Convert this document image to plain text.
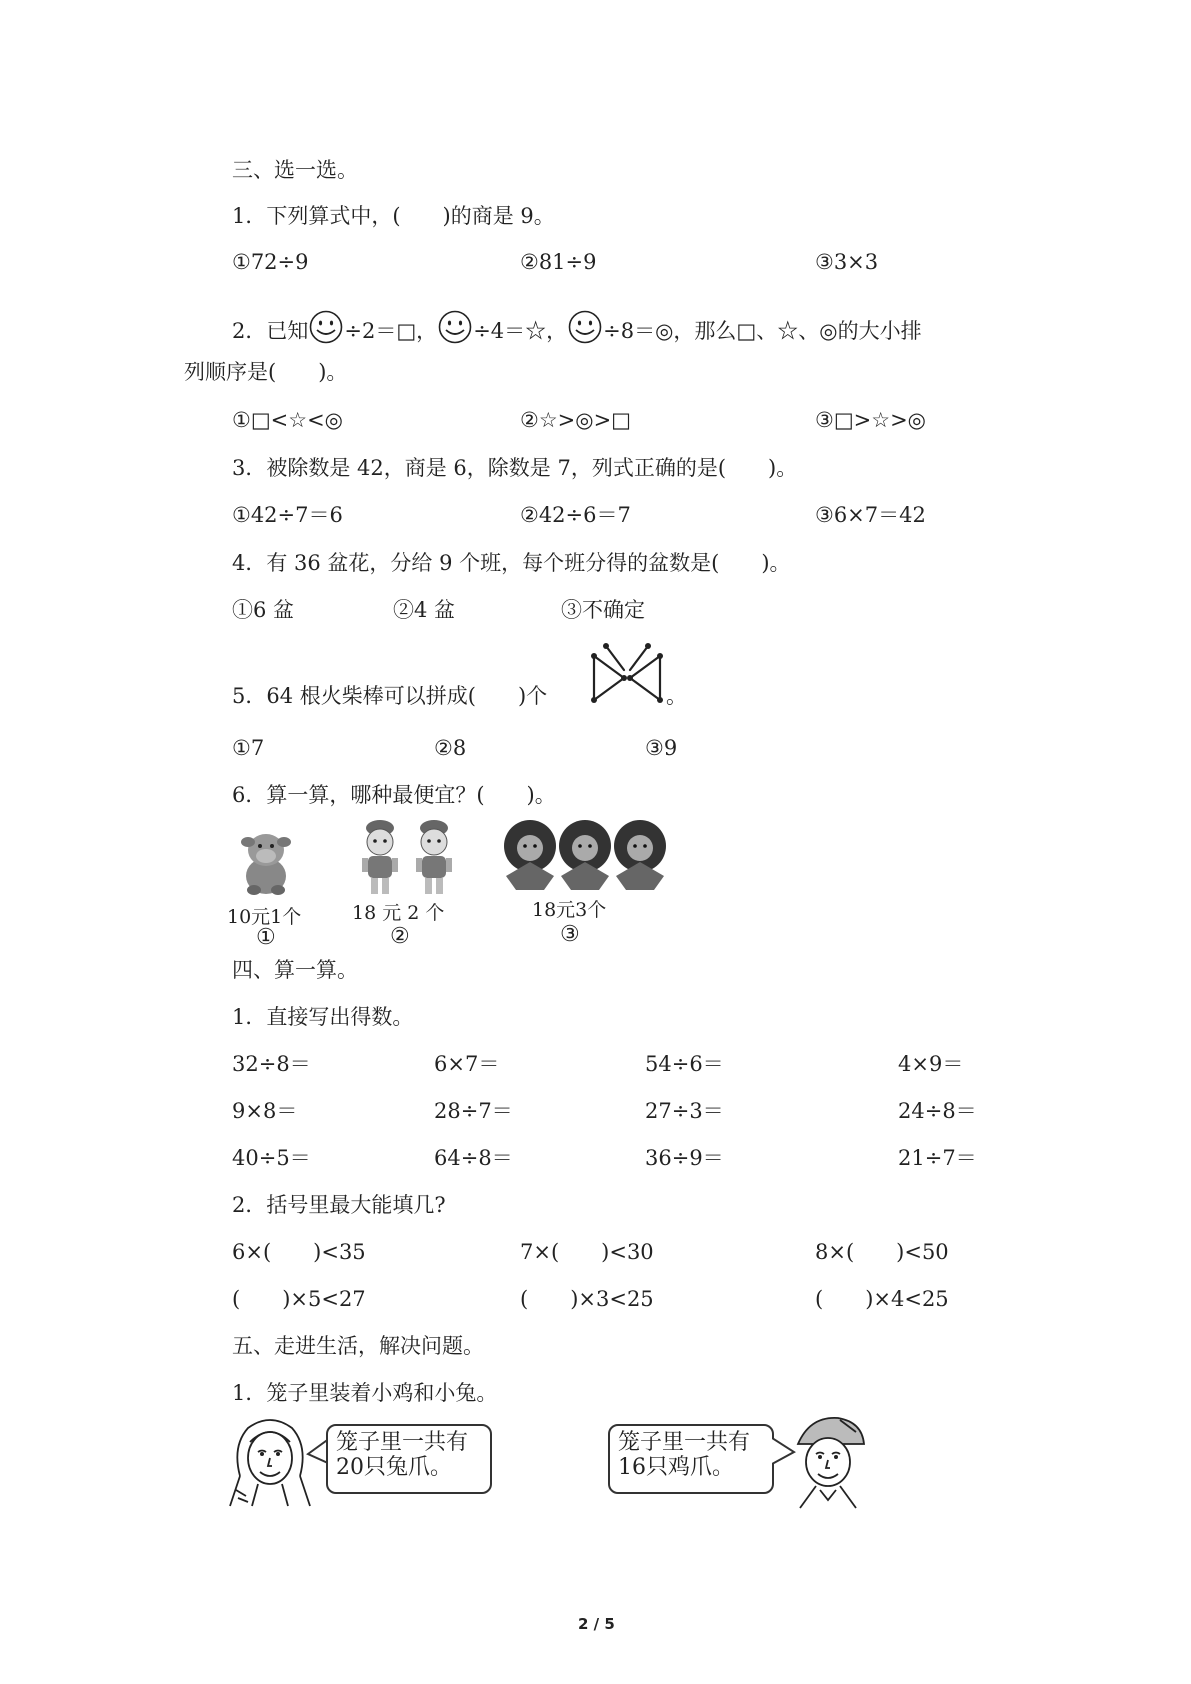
三、选一选。
1．下列算式中，(　　)的商是 9。
①72÷9	②81÷9	③3×3
2．已知 ÷2＝□， ÷4＝☆， ÷8＝◎，那么□、☆、◎的大小排
列顺序是(　　)。
①□<☆<◎	②☆>◎>□	③□>☆>◎
3．被除数是 42，商是 6，除数是 7，列式正确的是(　　)。
①42÷7＝6	②42÷6＝7	③6×7＝42
4．有 36 盆花，分给 9 个班，每个班分得的盆数是(　　)。
①6 盆	②4 盆	③不确定
5．64 根火柴棒可以拼成(　　)个	。
①7	②8	③9
6．算一算，哪种最便宜？(　　)。
10元1个
①
18 元 2 个
②
18元3个
③
四、算一算。
1．直接写出得数。
32÷8＝	6×7＝	54÷6＝	4×9＝
9×8＝	28÷7＝	27÷3＝	24÷8＝
40÷5＝	64÷8＝	36÷9＝	21÷7＝
2．括号里最大能填几?
6×(　　)<35	7×(　　)<30	8×(　　)<50
(　　)×5<27	(　　)×3<25	(　　)×4<25
五、走进生活，解决问题。
1．笼子里装着小鸡和小兔。
笼子里一共有
20只兔爪。
笼子里一共有
16只鸡爪。
2 / 5
